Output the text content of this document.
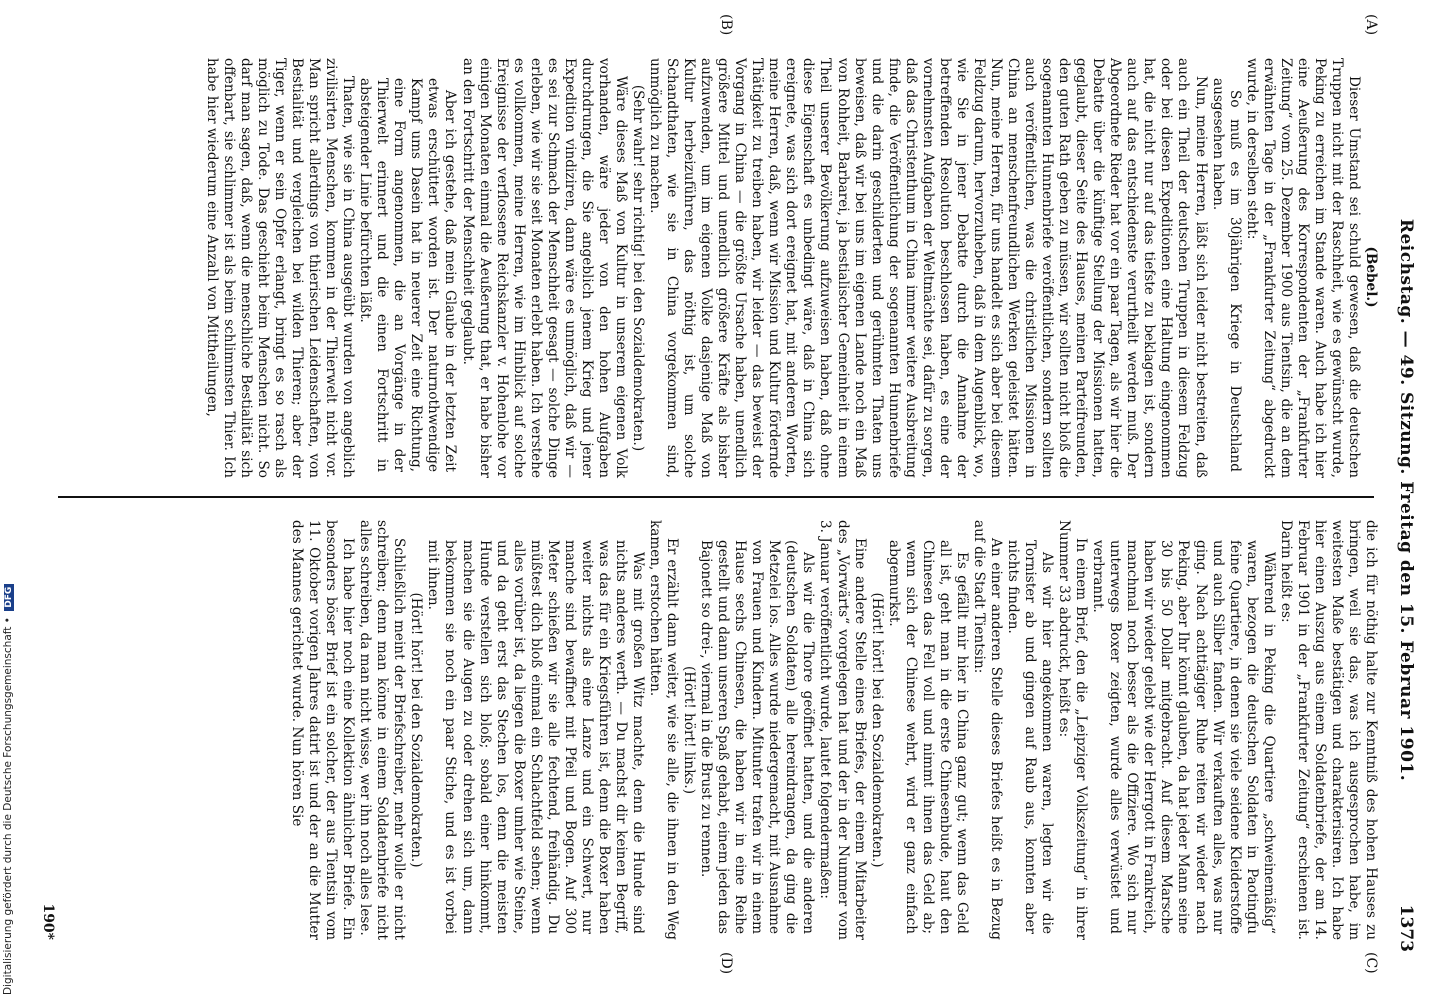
Reichstag. — 49. Sitzung. Freitag den 15. Februar 1901.
1373
(A)
(B)
(C)
(D)

(Bebel.)

Dieser Umstand sei schuld gewesen, daß die deutschen Truppen nicht mit der Raschheit, wie es gewünscht wurde, Peking zu erreichen im Stande waren. Auch habe ich hier eine Aeußerung des Korrespondenten der „Frankfurter Zeitung“ vom 25. Dezember 1900 aus Tientsin, die an dem erwähnten Tage in der „Frankfurter Zeitung“ abgedruckt wurde, in derselben steht:

So muß es im 30jährigen Kriege in Deutschland ausgesehen haben.

Nun, meine Herren, läßt sich leider nicht bestreiten, daß auch ein Theil der deutschen Truppen in diesem Feldzug oder bei diesen Expeditionen eine Haltung eingenommen hat, die nicht nur auf das tiefste zu beklagen ist, sondern auch auf das entschiedenste verurtheilt werden muß. Der Abgeordnete Rieder hat vor ein paar Tagen, als wir hier die Debatte über die künftige Stellung der Missionen hatten, geglaubt, dieser Seite des Hauses, meinen Parteifreunden, den guten Rath geben zu müssen, wir sollten nicht bloß die sogenannten Hunnenbriefe veröffentlichen, sondern sollten auch veröffentlichen, was die christlichen Missionen in China an menschenfreundlichen Werken geleistet hätten. Nun, meine Herren, für uns handelt es sich aber bei diesem Feldzug darum, hervorzuheben, daß in dem Augenblick, wo, wie Sie in jener Debatte durch die Annahme der betreffenden Resolution beschlossen haben, es eine der vornehmsten Aufgaben der Weltmächte sei, dafür zu sorgen, daß das Christenthum in China immer weitere Ausbreitung finde, die Veröffentlichung der sogenannten Hunnenbriefe und die darin geschilderten und gerühmten Thaten uns beweisen, daß wir bei uns im eigenen Lande noch ein Maß von Rohheit, Barbarei, ja bestialischer Gemeinheit in einem Theil unserer Bevölkerung aufzuweisen haben, daß ohne diese Eigenschaft es unbedingt wäre, daß in China sich ereignete, was sich dort ereignet hat, mit anderen Worten, meine Herren, daß, wenn wir Mission und Kultur fördernde Thätigkeit zu treiben haben, wir leider — das beweist der Vorgang in China — die größte Ursache haben, unendlich größere Mittel und unendlich größere Kräfte als bisher aufzuwenden, um im eigenen Volke dasjenige Maß von Kultur herbeizuführen, das nöthig ist, um solche Schandthaten, wie sie in China vorgekommen sind, unmöglich zu machen.

(Sehr wahr! sehr richtig! bei den Sozialdemokraten.)

Wäre dieses Maß von Kultur in unserem eigenen Volk vorhanden, wäre jeder von den hohen Aufgaben durchdrungen, die Sie angeblich jenem Krieg und jener Expedition vindiziren, dann wäre es unmöglich, daß wir — es sei zur Schmach der Menschheit gesagt — solche Dinge erleben, wie wir sie seit Monaten erlebt haben. Ich verstehe es vollkommen, meine Herren, wie im Hinblick auf solche Ereignisse der verflossene Reichskanzler v. Hohenlohe vor einigen Monaten einmal die Aeußerung that, er habe bisher an den Fortschritt der Menschheit geglaubt.

Aber ich gestehe, daß mein Glaube in der letzten Zeit etwas erschüttert worden ist. Der naturnothwendige Kampf ums Dasein hat in neuerer Zeit eine Richtung, eine Form angenommen, die an Vorgänge in der Thierwelt erinnert und die einen Fortschritt in absteigender Linie befürchten läßt.

Thaten, wie sie in China ausgeübt wurden von angeblich zivilisirten Menschen, kommen in der Thierwelt nicht vor. Man spricht allerdings von thierischen Leidenschaften, von Bestialität und vergleichen bei wilden Thieren; aber der Tiger, wenn er sein Opfer erlangt, bringt es so rasch als möglich zu Tode. Das geschieht beim Menschen nicht. So darf man sagen, daß, wenn die menschliche Bestialität sich offenbart, sie schlimmer ist als beim schlimmsten Thier. Ich habe hier wiederum eine Anzahl von Mittheilungen,

die ich für nöthig halte zur Kenntniß des hohen Hauses zu bringen, weil sie das, was ich ausgesprochen habe, im weitesten Maße bestätigen und charakterisiren. Ich habe hier einen Auszug aus einem Soldatenbriefe, der am 14. Februar 1901 in der „Frankfurter Zeitung“ erschienen ist. Darin heißt es:

Während in Peking die Quartiere „schweinemäßig“ waren, bezogen die deutschen Soldaten in Paotingfu feine Quartiere, in denen sie viele seidene Kleiderstoffe und auch Silber fanden. Wir verkauften alles, was nur ging. Nach achttägiger Ruhe reiten wir wieder nach Peking, aber Ihr könnt glauben, da hat jeder Mann seine 30 bis 50 Dollar mitgebracht. Auf diesem Marsche haben wir wieder gelebt wie der Herrgott in Frankreich, manchmal noch besser als die Offiziere. Wo sich nur unterwegs Boxer zeigten, wurde alles verwüstet und verbrannt.

In einem Brief, den die „Leipziger Volkszeitung“ in ihrer Nummer 33 abdruckt, heißt es:

Als wir hier angekommen waren, legten wir die Tornister ab und gingen auf Raub aus, konnten aber nichts finden.

An einer anderen Stelle dieses Briefes heißt es in Bezug auf die Stadt Tientsin:

Es gefällt mir hier in China ganz gut; wenn das Geld all ist, geht man in die erste Chinesenbude, haut den Chinesen das Fell voll und nimmt ihnen das Geld ab; wenn sich der Chinese wehrt, wird er ganz einfach abgemurkst.

(Hört! hört! bei den Sozialdemokraten.)

Eine andere Stelle eines Briefes, der einem Mitarbeiter des „Vorwärts“ vorgelegen hat und der in der Nummer vom 3. Januar veröffentlicht wurde, lautet folgendermaßen:

Als wir die Thore geöffnet hatten, und die anderen (deutschen Soldaten) alle hereindrangen, da ging die Metzelei los. Alles wurde niedergemacht, mit Ausnahme von Frauen und Kindern. Mitunter trafen wir in einem Hause sechs Chinesen, die haben wir in eine Reihe gestellt und dann unseren Spaß gehabt, einem jeden das Bajonett so drei-, viermal in die Brust zu rennen.

(Hört! hört! links.)

Er erzählt dann weiter, wie sie alle, die ihnen in den Weg kamen, erstochen hätten.

Was mit großen Witz machte, denn die Hunde sind nichts anderes werth. — Du machst dir keinen Begriff, was das für ein Kriegsführen ist, denn die Boxer haben weiter nichts als eine Lanze und ein Schwert, nur manche sind bewaffnet mit Pfeil und Bogen. Auf 300 Meter schießen wir sie alle fechtend, freihändig. Du müßtest dich bloß einmal ein Schlachtfeld sehen; wenn alles vorüber ist, da liegen die Boxer umher wie Steine, und da geht erst das Stechen los, denn die meisten Hunde verstellen sich bloß; sobald einer hinkommt, machen sie die Augen zu oder drehen sich um, dann bekommen sie noch ein paar Stiche, und es ist vorbei mit ihnen.

(Hört! hört! bei den Sozialdemokraten.)

Schließlich meint der Briefschreiber, mehr wolle er nicht schreiben; denn man könne in einem Soldatenbriefe nicht alles schreiben, da man nicht wisse, wer ihn noch alles lese.

Ich habe hier noch eine Kollektion ähnlicher Briefe. Ein besonders böser Brief ist ein solcher, der aus Tientsin vom 11. Oktober vorigen Jahres datirt ist und der an die Mutter des Mannes gerichtet wurde. Nun hören Sie

190*
Digitalisierung gefördert durch die Deutsche Forschungsgemeinschaft • DFG
